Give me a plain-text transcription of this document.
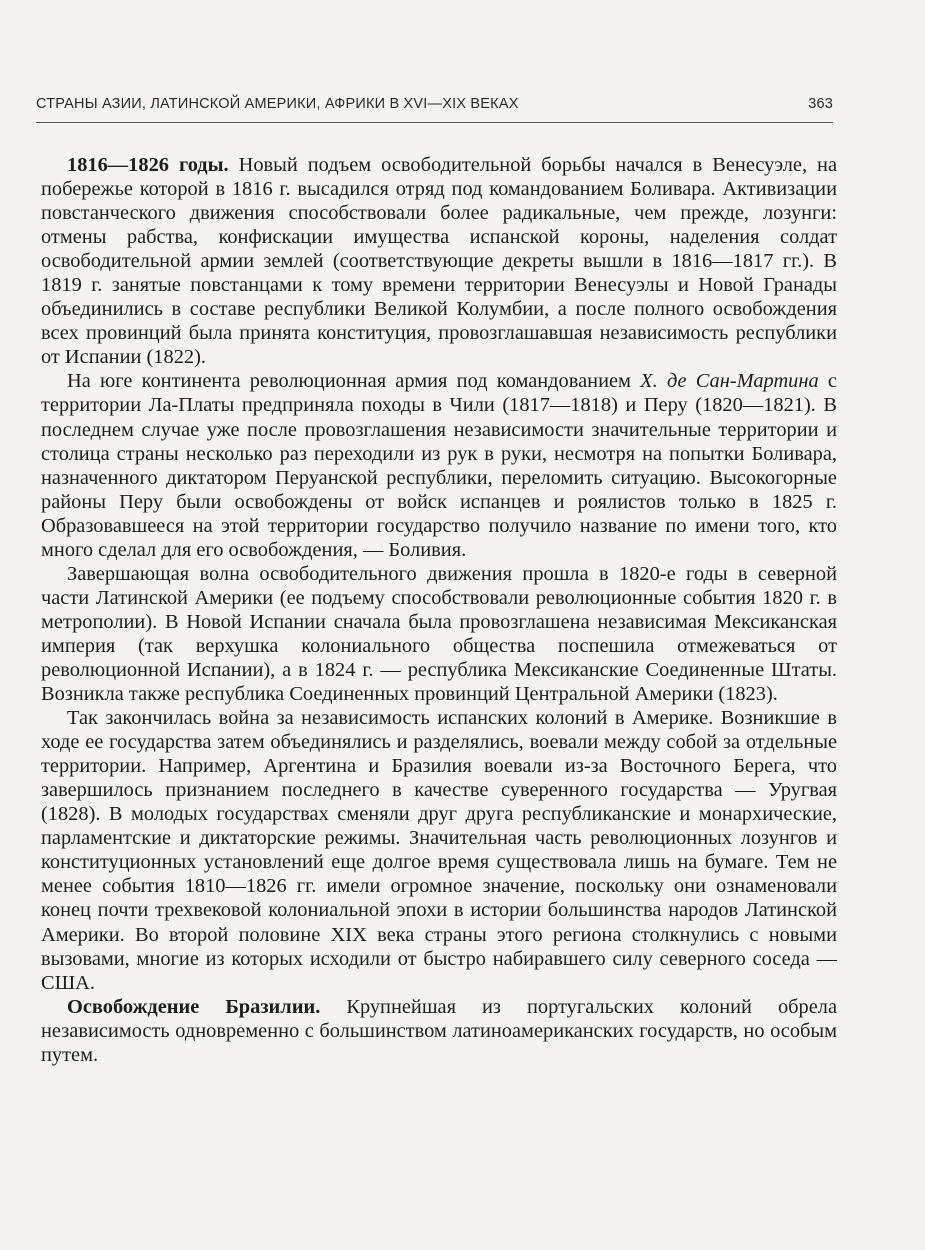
СТРАНЫ АЗИИ, ЛАТИНСКОЙ АМЕРИКИ, АФРИКИ В XVI—XIX ВЕКАХ	363

1816—1826 годы. Новый подъем освободительной борьбы начался в Венесуэле, на побережье которой в 1816 г. высадился отряд под командованием Боливара. Активизации повстанческого движения способствовали более радикальные, чем прежде, лозунги: отмены рабства, конфискации имущества испанской короны, наделения солдат освободительной армии землей (соответствующие декреты вышли в 1816—1817 гг.). В 1819 г. занятые повстанцами к тому времени территории Венесуэлы и Новой Гранады объединились в составе республики Великой Колумбии, а после полного освобождения всех провинций была принята конституция, провозглашавшая независимость республики от Испании (1822).

На юге континента революционная армия под командованием X. де Сан-Мартина с территории Ла-Платы предприняла походы в Чили (1817—1818) и Перу (1820—1821). В последнем случае уже после провозглашения независимости значительные территории и столица страны несколько раз переходили из рук в руки, несмотря на попытки Боливара, назначенного диктатором Перуанской республики, переломить ситуацию. Высокогорные районы Перу были освобождены от войск испанцев и роялистов только в 1825 г. Образовавшееся на этой территории государство получило название по имени того, кто много сделал для его освобождения, — Боливия.

Завершающая волна освободительного движения прошла в 1820-е годы в северной части Латинской Америки (ее подъему способствовали революционные события 1820 г. в метрополии). В Новой Испании сначала была провозглашена независимая Мексиканская империя (так верхушка колониального общества поспешила отмежеваться от революционной Испании), а в 1824 г. — республика Мексиканские Соединенные Штаты. Возникла также республика Соединенных провинций Центральной Америки (1823).

Так закончилась война за независимость испанских колоний в Америке. Возникшие в ходе ее государства затем объединялись и разделялись, воевали между собой за отдельные территории. Например, Аргентина и Бразилия воевали из-за Восточного Берега, что завершилось признанием последнего в качестве суверенного государства — Уругвая (1828). В молодых государствах сменяли друг друга республиканские и монархические, парламентские и диктаторские режимы. Значительная часть революционных лозунгов и конституционных установлений еще долгое время существовала лишь на бумаге. Тем не менее события 1810—1826 гг. имели огромное значение, поскольку они ознаменовали конец почти трехвековой колониальной эпохи в истории большинства народов Латинской Америки. Во второй половине XIX века страны этого региона столкнулись с новыми вызовами, многие из которых исходили от быстро набиравшего силу северного соседа — США.

Освобождение Бразилии. Крупнейшая из португальских колоний обрела независимость одновременно с большинством латиноамериканских государств, но особым путем.
